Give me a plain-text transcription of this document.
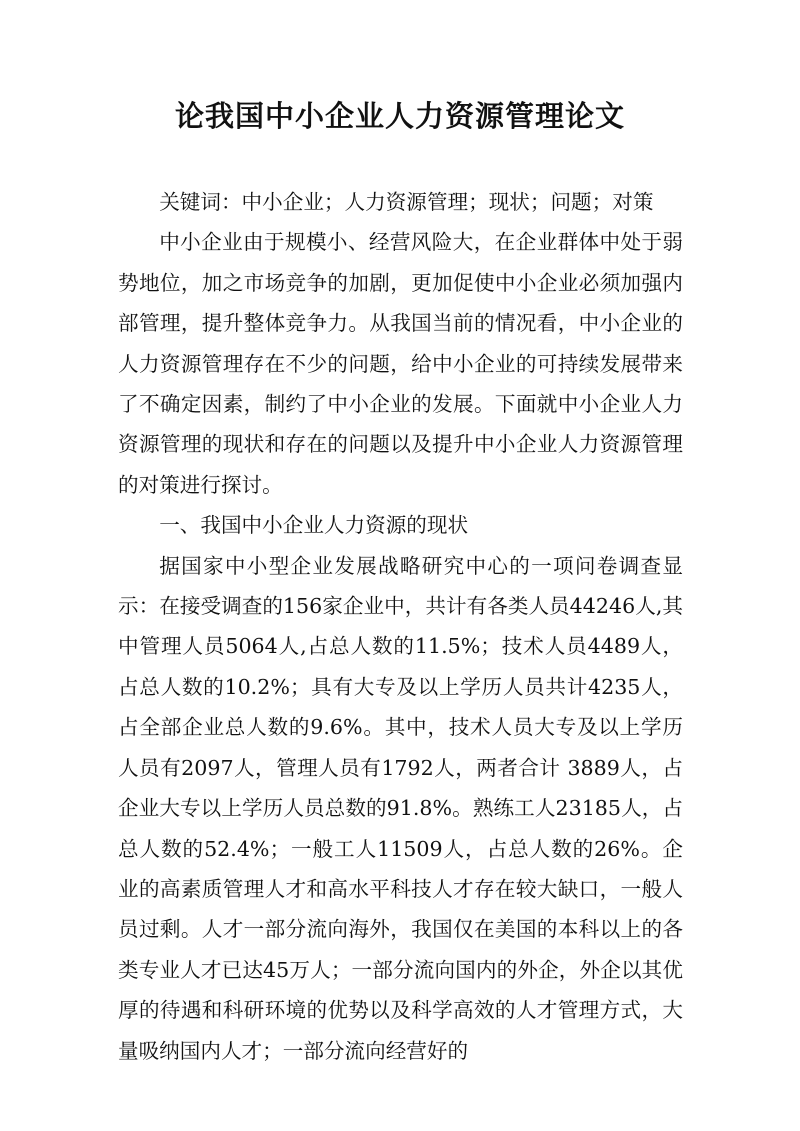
论我国中小企业人力资源管理论文

关键词：中小企业；人力资源管理；现状；问题；对策

中小企业由于规模小、经营风险大，在企业群体中处于弱势地位，加之市场竞争的加剧，更加促使中小企业必须加强内部管理，提升整体竞争力。从我国当前的情况看，中小企业的人力资源管理存在不少的问题，给中小企业的可持续发展带来了不确定因素，制约了中小企业的发展。下面就中小企业人力资源管理的现状和存在的问题以及提升中小企业人力资源管理的对策进行探讨。

一、我国中小企业人力资源的现状

据国家中小型企业发展战略研究中心的一项问卷调查显示：在接受调查的156家企业中，共计有各类人员44246人,其中管理人员5064人,占总人数的11.5%；技术人员4489人，占总人数的10.2%；具有大专及以上学历人员共计4235人，占全部企业总人数的9.6%。其中，技术人员大专及以上学历人员有2097人，管理人员有1792人，两者合计 3889人，占企业大专以上学历人员总数的91.8%。熟练工人23185人，占总人数的52.4%；一般工人11509人，占总人数的26%。企业的高素质管理人才和高水平科技人才存在较大缺口，一般人员过剩。人才一部分流向海外，我国仅在美国的本科以上的各类专业人才已达45万人；一部分流向国内的外企，外企以其优厚的待遇和科研环境的优势以及科学高效的人才管理方式，大量吸纳国内人才；一部分流向经营好的
